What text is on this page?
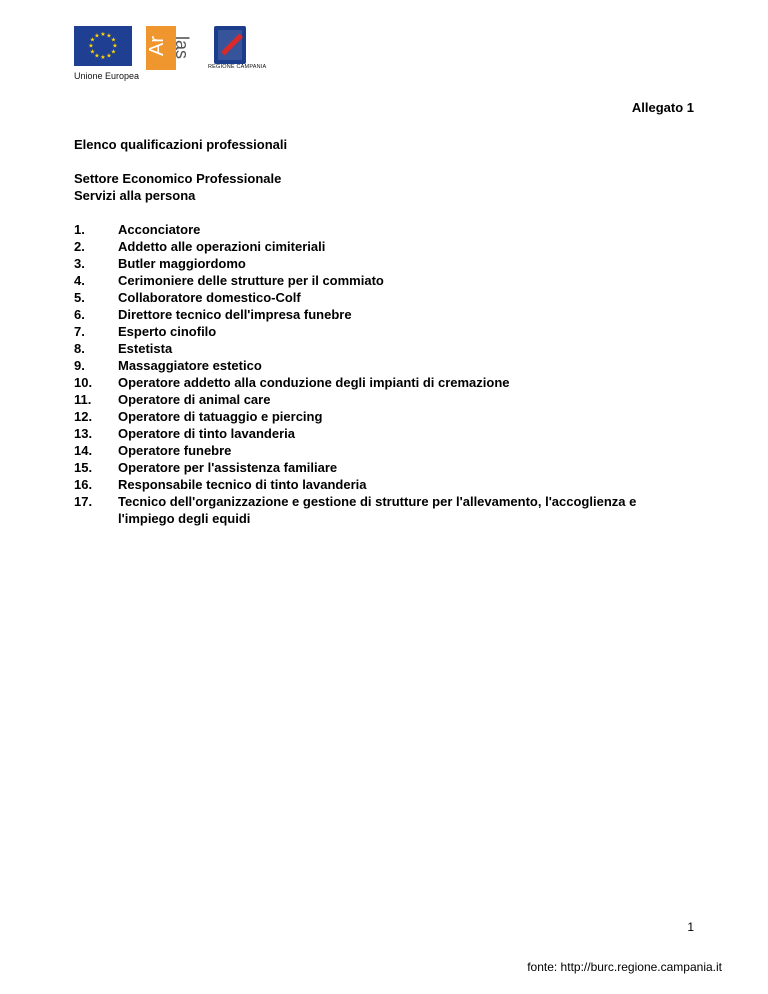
★ ★
★
★
★
★
★
★
★
★
★
★
Unione Europea
Ar las
REGIONE CAMPANIA
Allegato 1

Elenco qualificazioni professionali

Settore Economico Professionale

Servizi alla persona

1.	Acconciatore
2.	Addetto alle operazioni cimiteriali
3.	Butler maggiordomo
4.	Cerimoniere delle strutture per il commiato
5.	Collaboratore domestico-Colf
6.	Direttore tecnico dell'impresa funebre
7.	Esperto cinofilo
8.	Estetista
9.	Massaggiatore estetico
10. Operatore addetto alla conduzione degli impianti di cremazione
11. Operatore di animal care
12. Operatore di tatuaggio e piercing
13. Operatore di tinto lavanderia
14. Operatore funebre
15. Operatore per l'assistenza familiare
16. Responsabile tecnico di tinto lavanderia
17. Tecnico dell'organizzazione e gestione di strutture per l'allevamento, l'accoglienza e l'impiego degli equidi
1
fonte: http://burc.regione.campania.it
